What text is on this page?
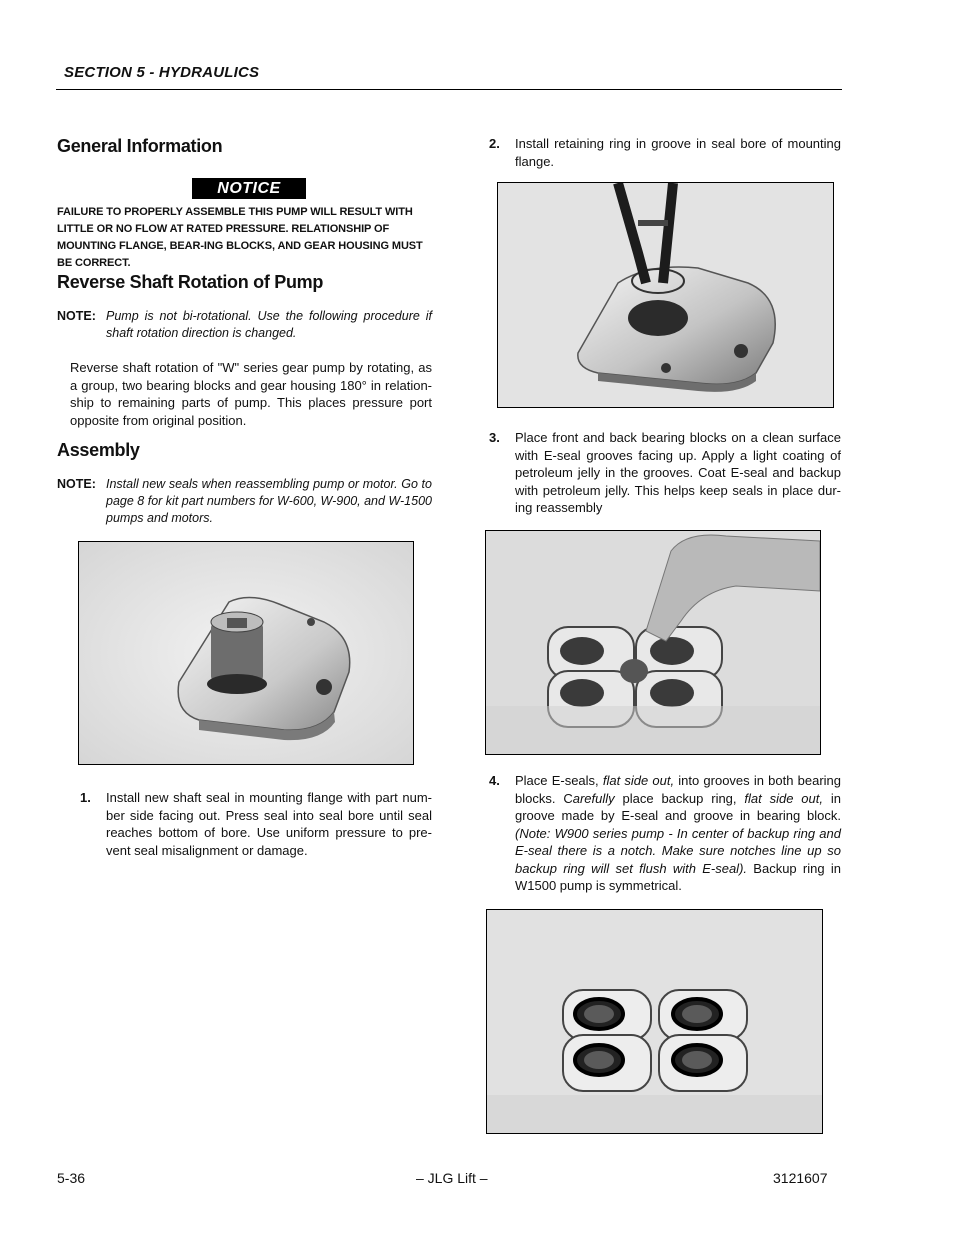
SECTION 5 - HYDRAULICS
General Information
NOTICE
FAILURE TO PROPERLY ASSEMBLE THIS PUMP WILL RESULT WITH LITTLE OR NO FLOW AT RATED PRESSURE. RELATIONSHIP OF MOUNTING FLANGE, BEAR-ING BLOCKS, AND GEAR HOUSING MUST BE CORRECT.
Reverse Shaft Rotation of Pump
NOTE: Pump is not bi-rotational. Use the following procedure if shaft rotation direction is changed.
Reverse shaft rotation of "W" series gear pump by rotating, as a group, two bearing blocks and gear housing 180° in relation-ship to remaining parts of pump. This places pressure port opposite from original position.
Assembly
NOTE: Install new seals when reassembling pump or motor. Go to page 8 for kit part numbers for W-600, W-900, and W-1500 pumps and motors.
1. Install new shaft seal in mounting flange with part num-ber side facing out. Press seal into seal bore until seal reaches bottom of bore. Use uniform pressure to pre-vent seal misalignment or damage.
2. Install retaining ring in groove in seal bore of mounting flange.
3. Place front and back bearing blocks on a clean surface with E-seal grooves facing up. Apply a light coating of petroleum jelly in the grooves. Coat E-seal and backup with petroleum jelly. This helps keep seals in place dur-ing reassembly
4. Place E-seals, flat side out, into grooves in both bearing blocks. Carefully place backup ring, flat side out, in groove made by E-seal and groove in bearing block. (Note: W900 series pump - In center of backup ring and E-seal there is a notch. Make sure notches line up so backup ring will set flush with E-seal). Backup ring in W1500 pump is symmetrical.
5-36	– JLG Lift –	3121607
